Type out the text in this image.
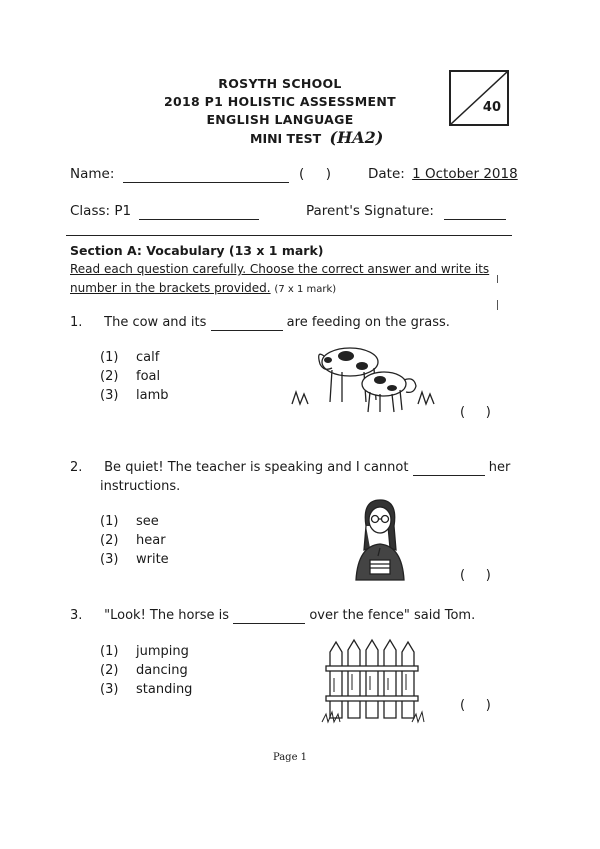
ROSYTH SCHOOL
2018 P1 HOLISTIC ASSESSMENT
ENGLISH LANGUAGE
MINI TEST (HA2)
40
Name:	(     )	Date: 1 October 2018
Class: P1	Parent's Signature:
Section A: Vocabulary (13 x 1 mark)
Read each question carefully. Choose the correct answer and write its
number in the brackets provided. (7 x 1 mark)
1. The cow and its	are feeding on the grass.
(1) calf
(2) foal
(3) lamb
(     )
2. Be quiet! The teacher is speaking and I cannot	her
instructions.
(1) see
(2) hear
(3) write
(     )
3. "Look! The horse is	over the fence" said Tom.
(1) jumping
(2) dancing
(3) standing
(     )
Page 1
